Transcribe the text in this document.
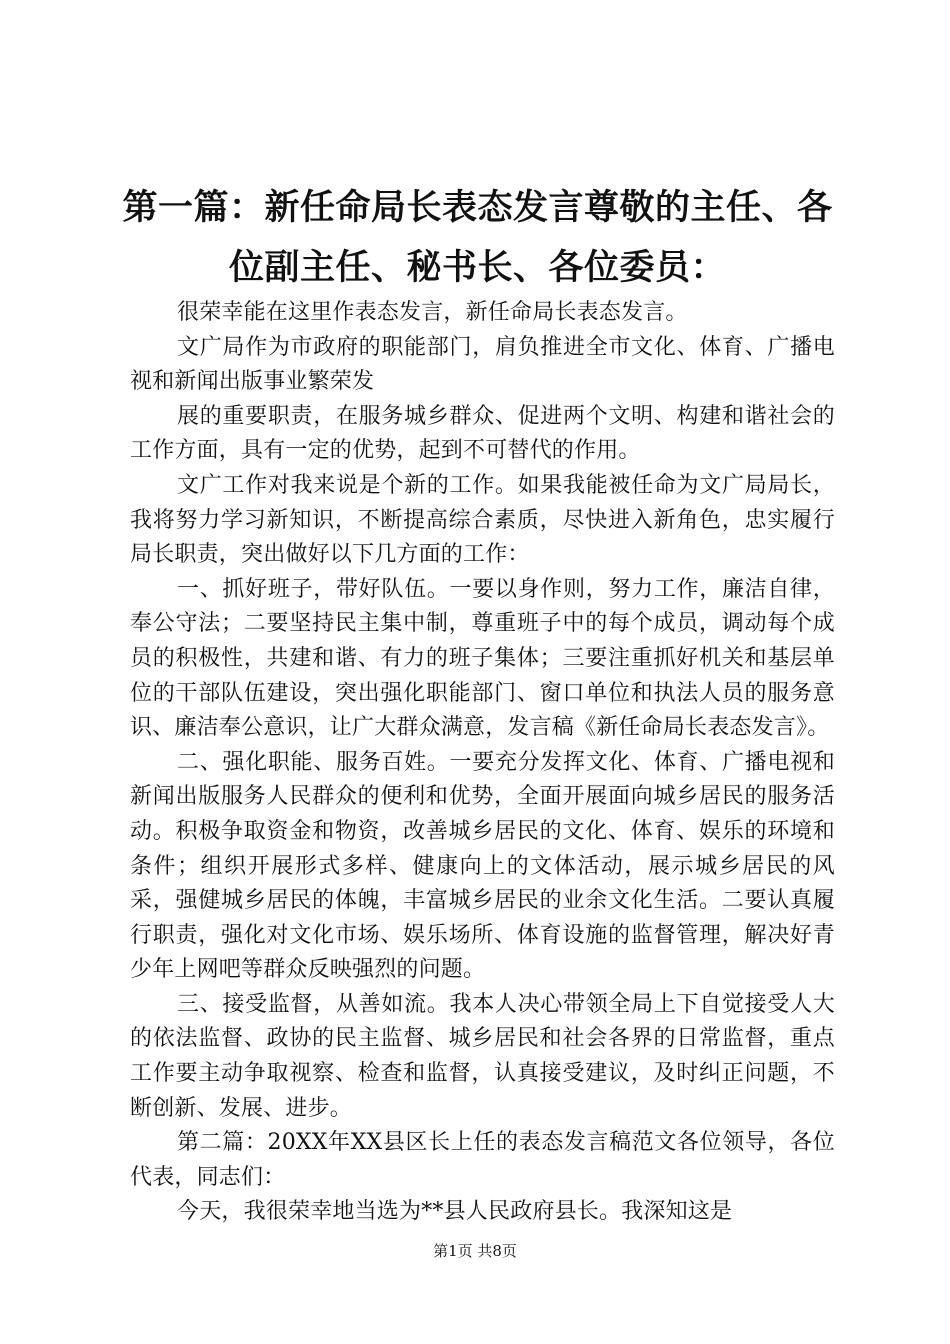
第一篇：新任命局长表态发言尊敬的主任、各位副主任、秘书长、各位委员：

很荣幸能在这里作表态发言，新任命局长表态发言。

文广局作为市政府的职能部门，肩负推进全市文化、体育、广播电视和新闻出版事业繁荣发

展的重要职责，在服务城乡群众、促进两个文明、构建和谐社会的工作方面，具有一定的优势，起到不可替代的作用。

文广工作对我来说是个新的工作。如果我能被任命为文广局局长，我将努力学习新知识，不断提高综合素质，尽快进入新角色，忠实履行局长职责，突出做好以下几方面的工作：

一、抓好班子，带好队伍。一要以身作则，努力工作，廉洁自律，奉公守法；二要坚持民主集中制，尊重班子中的每个成员，调动每个成员的积极性，共建和谐、有力的班子集体；三要注重抓好机关和基层单位的干部队伍建设，突出强化职能部门、窗口单位和执法人员的服务意识、廉洁奉公意识，让广大群众满意，发言稿《新任命局长表态发言》。

二、强化职能、服务百姓。一要充分发挥文化、体育、广播电视和新闻出版服务人民群众的便利和优势，全面开展面向城乡居民的服务活动。积极争取资金和物资，改善城乡居民的文化、体育、娱乐的环境和条件；组织开展形式多样、健康向上的文体活动，展示城乡居民的风采，强健城乡居民的体魄，丰富城乡居民的业余文化生活。二要认真履行职责，强化对文化市场、娱乐场所、体育设施的监督管理，解决好青少年上网吧等群众反映强烈的问题。

三、接受监督，从善如流。我本人决心带领全局上下自觉接受人大的依法监督、政协的民主监督、城乡居民和社会各界的日常监督，重点工作要主动争取视察、检查和监督，认真接受建议，及时纠正问题，不断创新、发展、进步。

第二篇：20XX年XX县区长上任的表态发言稿范文各位领导，各位代表，同志们：

今天，我很荣幸地当选为**县人民政府县长。我深知这是

第1页 共8页
